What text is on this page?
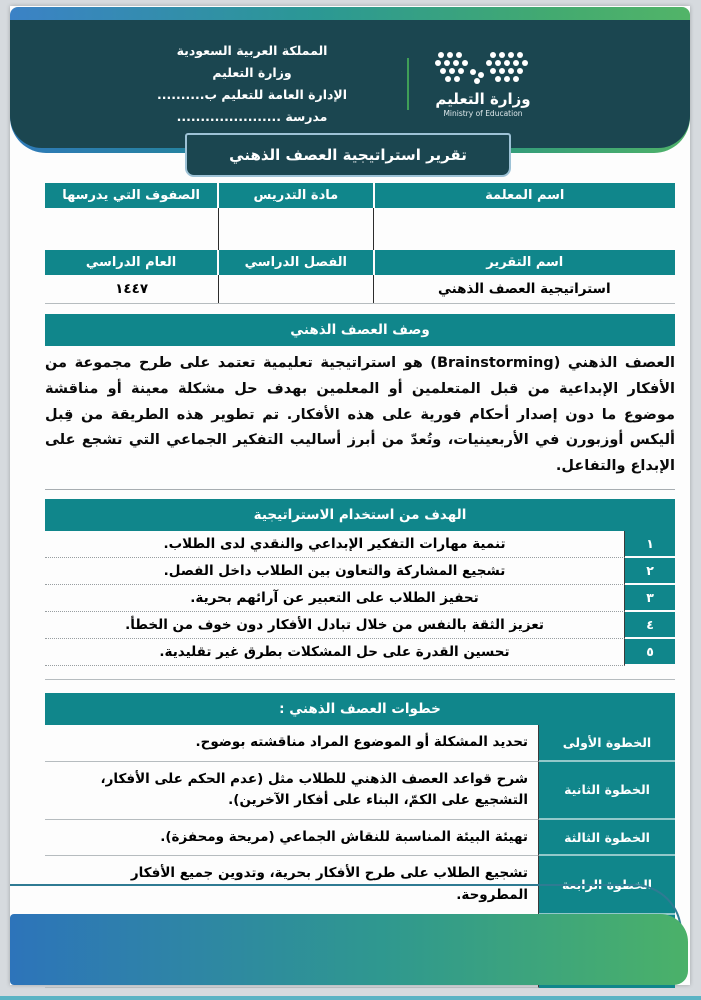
وزارة التعليم
Ministry of Education
المملكة العربية السعودية
وزارة التعليم
الإدارة العامة للتعليم ب..........
مدرسة ......................
تقرير استراتيجية العصف الذهني
اسم المعلمة
مادة التدريس
الصفوف التي يدرسها
اسم التقرير
الفصل الدراسي
العام الدراسي
استراتيجية العصف الذهني
١٤٤٧
وصف العصف الذهني

العصف الذهني (Brainstorming) هو استراتيجية تعليمية تعتمد على طرح مجموعة من الأفكار الإبداعية من قبل المتعلمين أو المعلمين بهدف حل مشكلة معينة أو مناقشة موضوع ما دون إصدار أحكام فورية على هذه الأفكار. تم تطوير هذه الطريقة من قِبل أليكس أوزبورن في الأربعينيات، وتُعدّ من أبرز أساليب التفكير الجماعي التي تشجع على الإبداع والتفاعل.

الهدف من استخدام الاستراتيجية
١
تنمية مهارات التفكير الإبداعي والنقدي لدى الطلاب.
٢
تشجيع المشاركة والتعاون بين الطلاب داخل الفصل.
٣
تحفيز الطلاب على التعبير عن آرائهم بحرية.
٤
تعزيز الثقة بالنفس من خلال تبادل الأفكار دون خوف من الخطأ.
٥
تحسين القدرة على حل المشكلات بطرق غير تقليدية.
خطوات العصف الذهني :
الخطوة الأولى
تحديد المشكلة أو الموضوع المراد مناقشته بوضوح.
الخطوة الثانية
شرح قواعد العصف الذهني للطلاب مثل (عدم الحكم على الأفكار، التشجيع على الكمّ، البناء على أفكار الآخرين).
الخطوة الثالثة
تهيئة البيئة المناسبة للنقاش الجماعي (مريحة ومحفزة).
الخطوة الرابعة
تشجيع الطلاب على طرح الأفكار بحرية، وتدوين جميع الأفكار المطروحة.
